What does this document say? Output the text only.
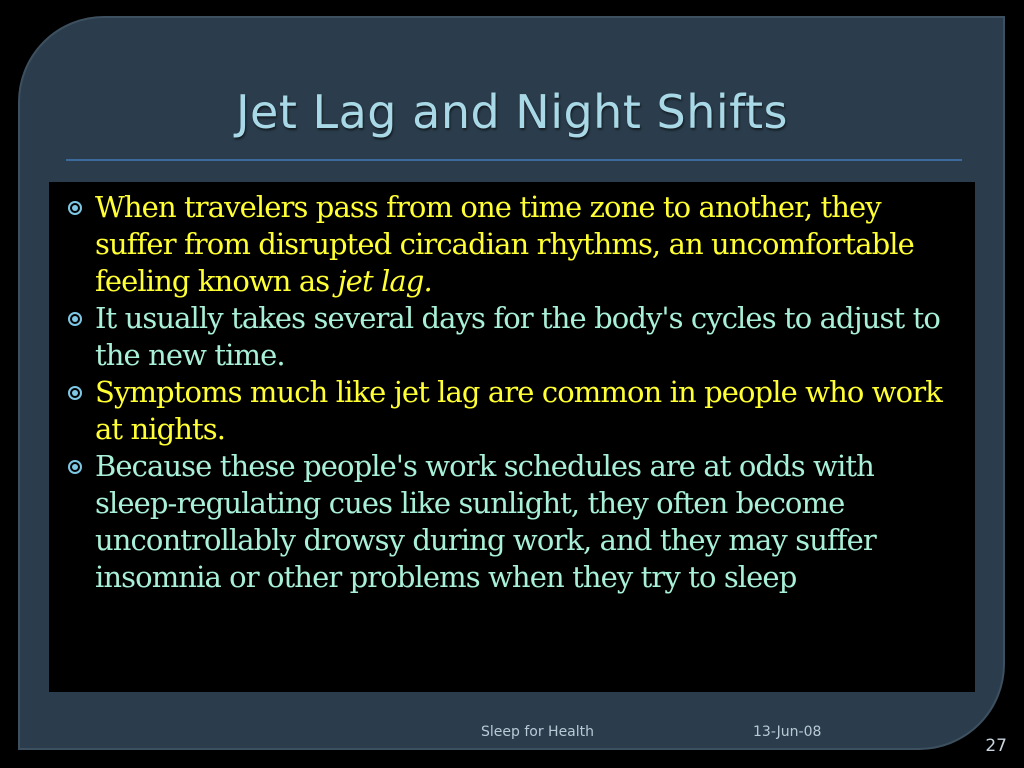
Jet Lag and Night Shifts
When travelers pass from one time zone to another, they suffer from disrupted circadian rhythms, an uncomfortable feeling known as jet lag.
It usually takes several days for the body's cycles to adjust to the new time.
Symptoms much like jet lag are common in people who work at nights.
Because these people's work schedules are at odds with sleep-regulating cues like sunlight, they often become uncontrollably drowsy during work, and they may suffer insomnia or other problems when they try to sleep
Sleep for Health	13-Jun-08
27
